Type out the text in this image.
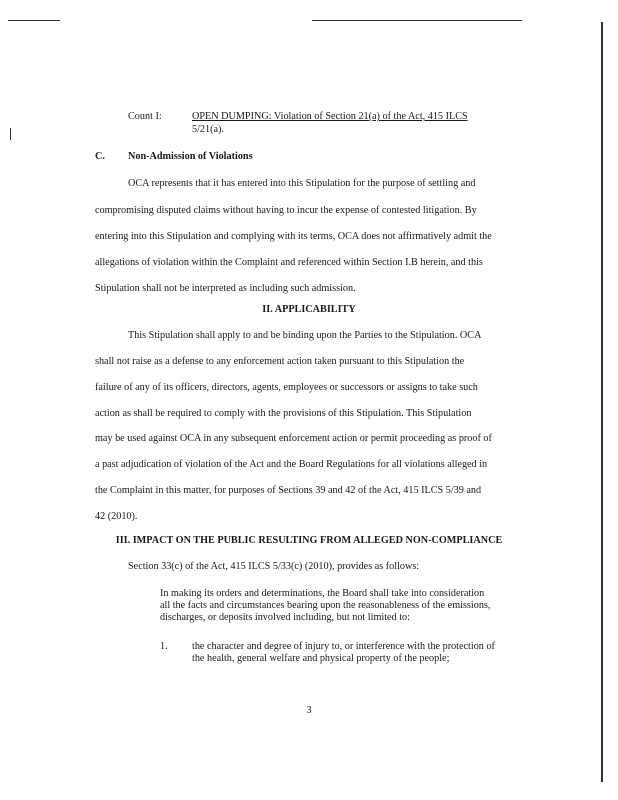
Count I:	OPEN DUMPING: Violation of Section 21(a) of the Act, 415 ILCS
5/21(a).
C. Non-Admission of Violations
OCA represents that it has entered into this Stipulation for the purpose of settling and
compromising disputed claims without having to incur the expense of contested litigation. By
entering into this Stipulation and complying with its terms, OCA does not affirmatively admit the
allegations of violation within the Complaint and referenced within Section I.B herein, and this
Stipulation shall not be interpreted as including such admission.
II. APPLICABILITY
This Stipulation shall apply to and be binding upon the Parties to the Stipulation. OCA
shall not raise as a defense to any enforcement action taken pursuant to this Stipulation the
failure of any of its officers, directors, agents, employees or successors or assigns to take such
action as shall be required to comply with the provisions of this Stipulation. This Stipulation
may be used against OCA in any subsequent enforcement action or permit proceeding as proof of
a past adjudication of violation of the Act and the Board Regulations for all violations alleged in
the Complaint in this matter, for purposes of Sections 39 and 42 of the Act, 415 ILCS 5/39 and
42 (2010).
III. IMPACT ON THE PUBLIC RESULTING FROM ALLEGED NON-COMPLIANCE
Section 33(c) of the Act, 415 ILCS 5/33(c) (2010), provides as follows:
In making its orders and determinations, the Board shall take into consideration
all the facts and circumstances bearing upon the reasonableness of the emissions,
discharges, or deposits involved including, but not limited to:
1. the character and degree of injury to, or interference with the protection of
the health, general welfare and physical property of the people;
3
